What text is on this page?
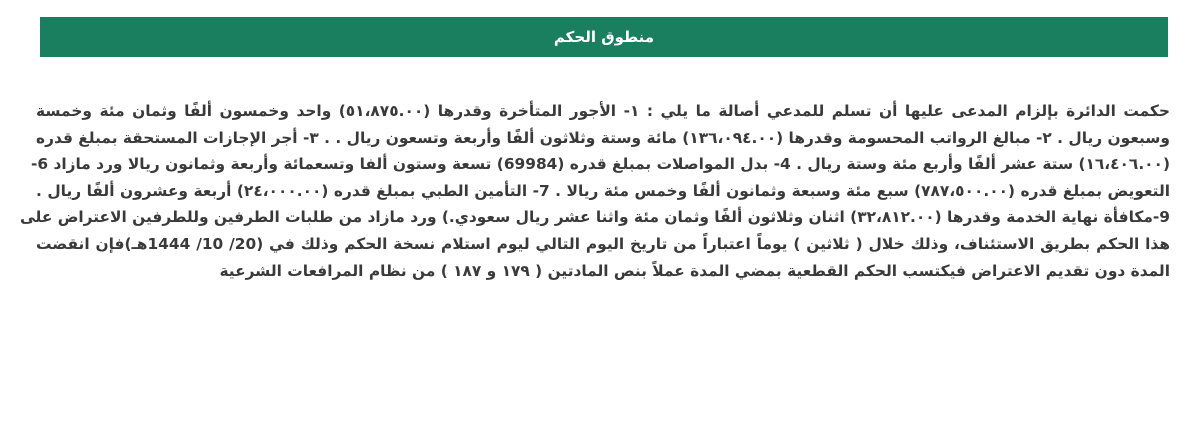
منطوق الحكم
حكمت الدائرة بإلزام المدعى عليها أن تسلم للمدعي أصالة ما يلي : ١- الأجور المتأخرة وقدرها (٥١،٨٧٥.٠٠) واحد وخمسون ألفًا وثمان مئة وخمسة
وسبعون ريال . ٢- مبالغ الرواتب المحسومة وقدرها (١٣٦،٠٩٤.٠٠) مائة وستة وثلاثون ألفًا وأربعة وتسعون ريال . . ٣- أجر الإجازات المستحقة بمبلغ قدره
(١٦،٤٠٦.٠٠) ستة عشر ألفًا وأربع مئة وستة ريال . 4- بدل المواصلات بمبلغ قدره (69984) تسعة وستون ألفا وتسعمائة وأربعة وثمانون ريالا ورد مازاد 6-
التعويض بمبلغ قدره (٧٨٧،٥٠٠.٠٠) سبع مئة وسبعة وثمانون ألفًا وخمس مئة ريالا . 7- التأمين الطبي بمبلغ قدره (٢٤،٠٠٠.٠٠) أربعة وعشرون ألفًا ريال .
9-مكافأة نهاية الخدمة وقدرها (٣٢،٨١٢.٠٠) اثنان وثلاثون ألفًا وثمان مئة واثنا عشر ريال سعودي.) ورد مازاد من طلبات الطرفين وللطرفين الاعتراض على
هذا الحكم بطريق الاستئناف، وذلك خلال ( ثلاثين ) يوماً اعتباراً من تاريخ اليوم التالي ليوم استلام نسخة الحكم وذلك في (20/ 10/ 1444هـ)فإن انقضت
المدة دون تقديم الاعتراض فيكتسب الحكم القطعية بمضي المدة عملاً بنص المادتين ( ١٧٩ و ١٨٧ ) من نظام المرافعات الشرعية
